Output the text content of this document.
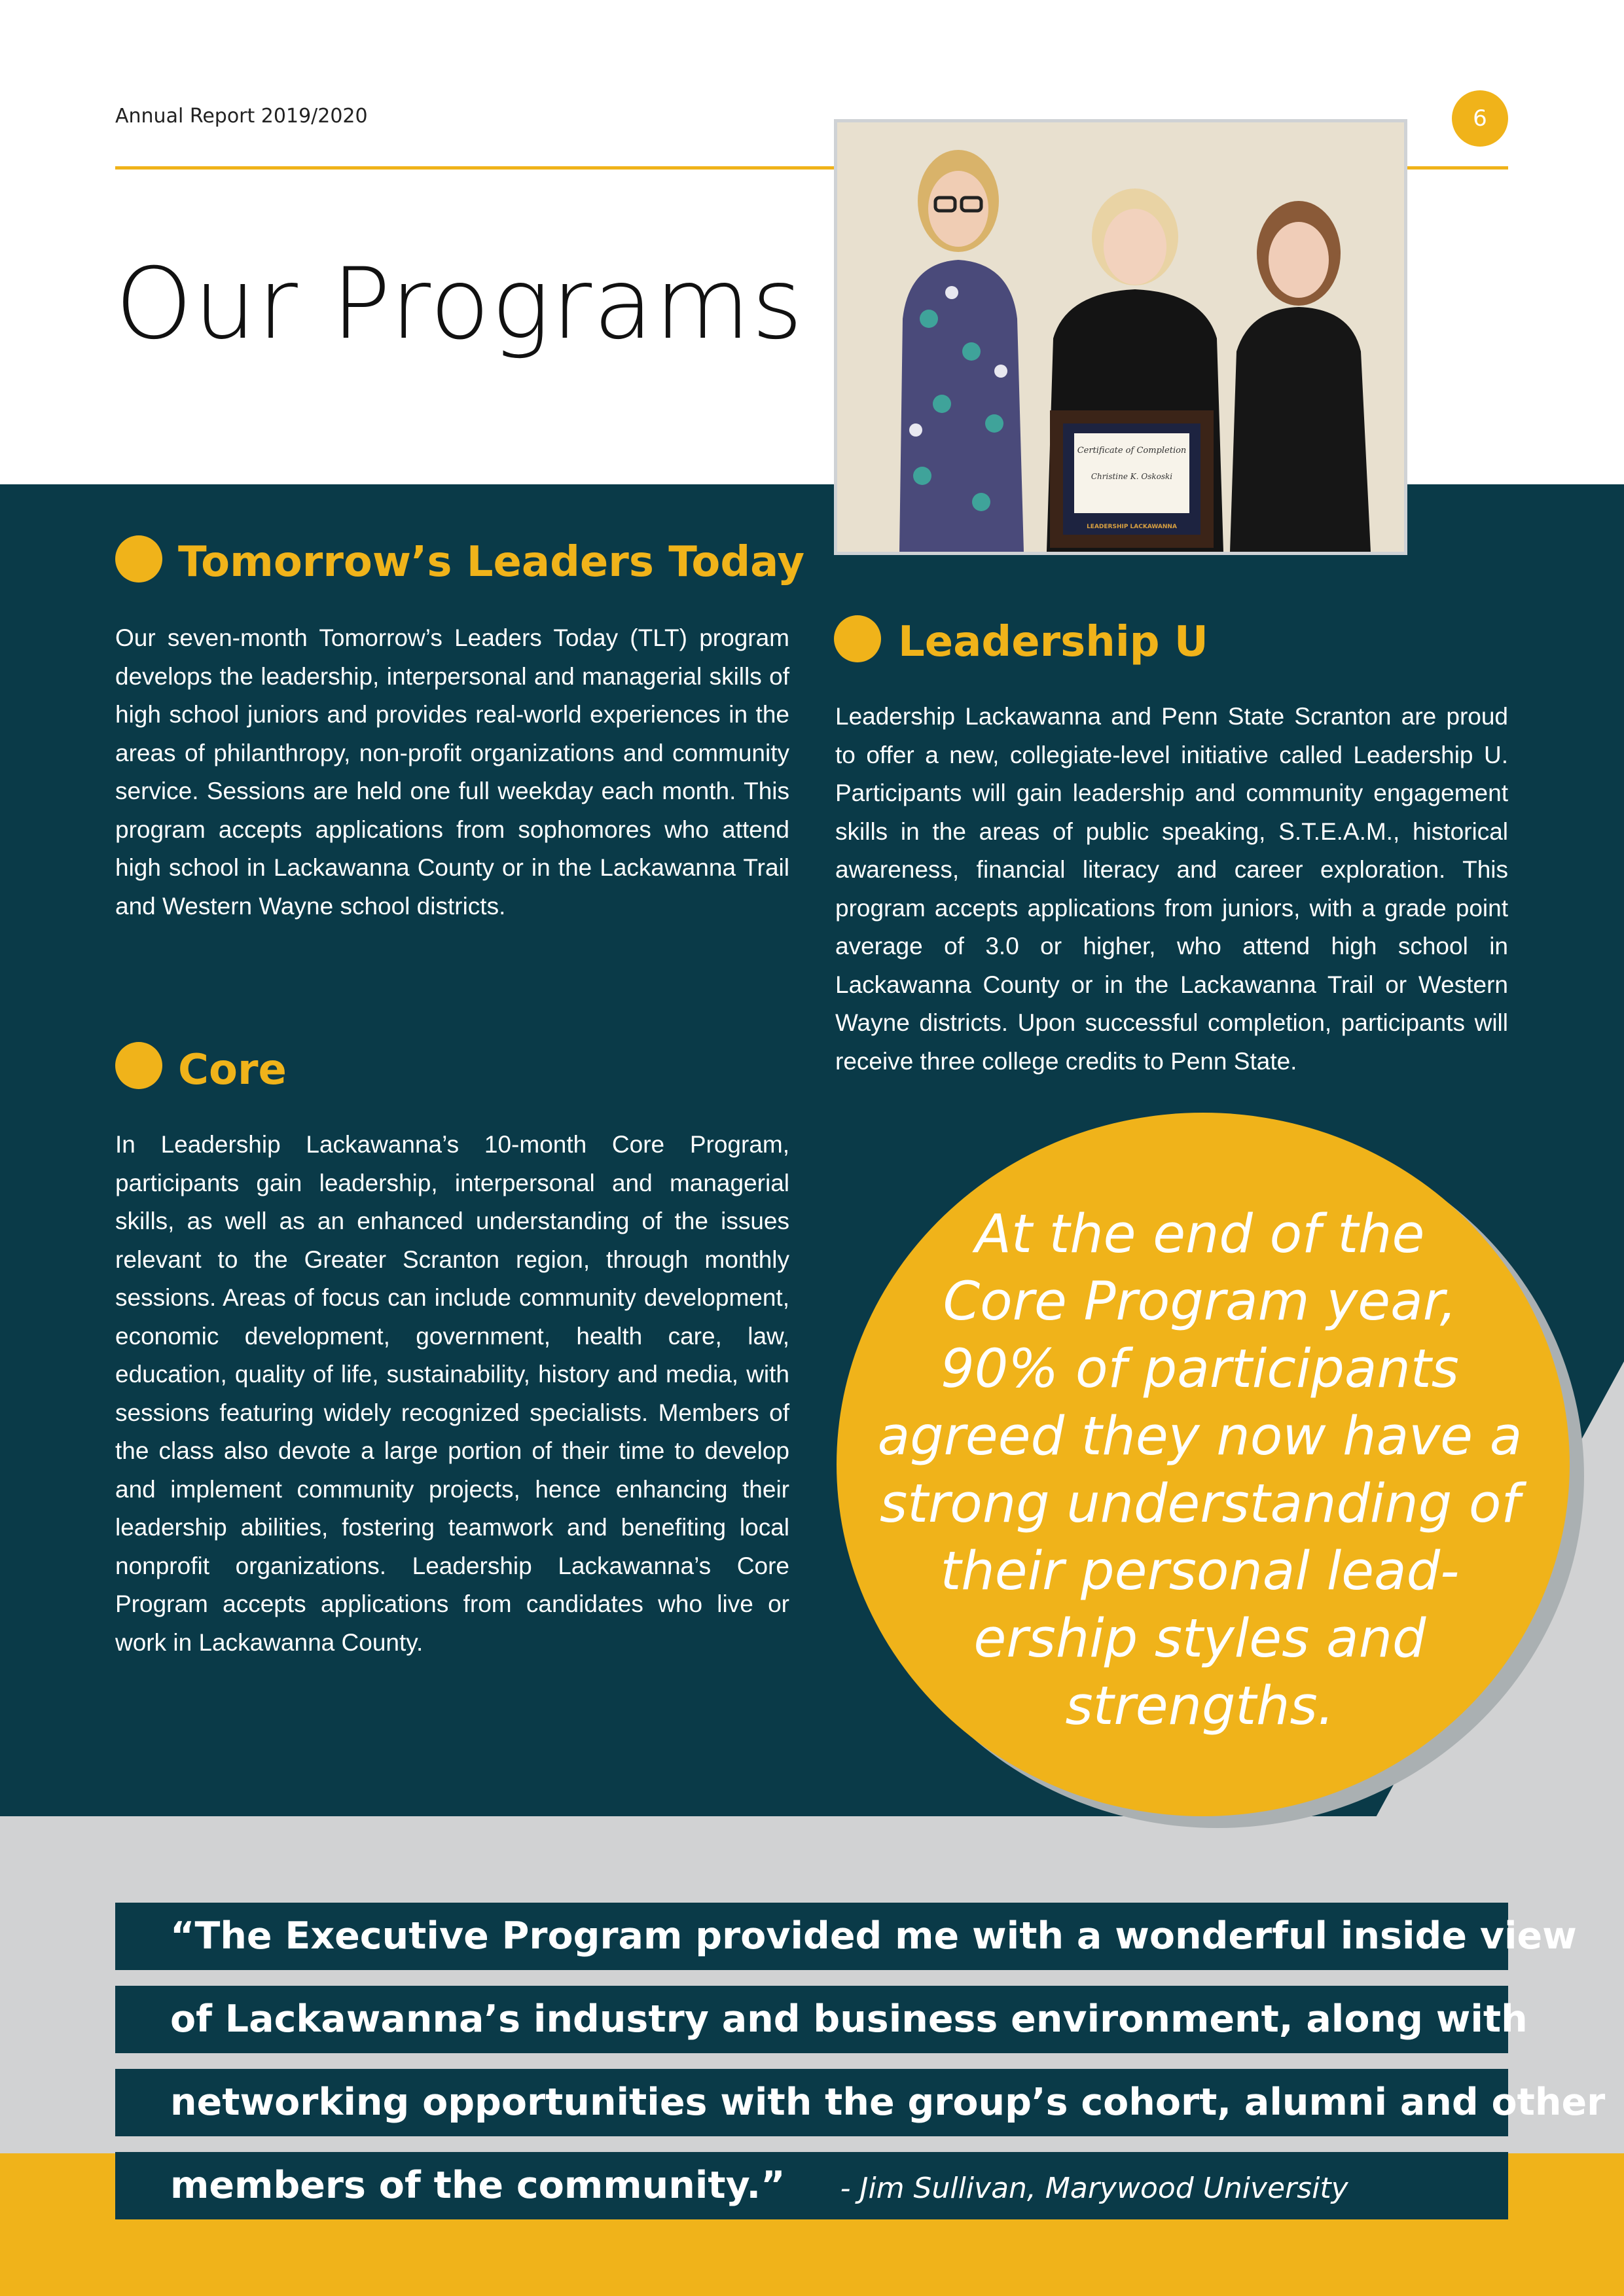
Annual Report 2019/2020	6
Our Programs
Certificate of Completion
Christine K. Oskoski
LEADERSHIP LACKAWANNA
Tomorrow’s Leaders Today
Our seven-month Tomorrow’s Leaders Today (TLT) program develops the leadership, interpersonal and managerial skills of high school juniors and provides real-world experiences in the areas of philanthropy, non-profit organizations and community service. Sessions are held one full weekday each month. This program accepts applications from sophomores who attend high school in Lackawanna County or in the Lackawanna Trail and Western Wayne school districts.
Core
In Leadership Lackawanna’s 10-month Core Program, participants gain leadership, interpersonal and managerial skills, as well as an enhanced understanding of the issues relevant to the Greater Scranton region, through monthly sessions. Areas of focus can include community development, economic development, government, health care, law, education, quality of life, sustainability, history and media, with sessions featuring widely recognized specialists. Members of the class also devote a large portion of their time to develop and implement community projects, hence enhancing their leadership abilities, fostering teamwork and benefiting local nonprofit organizations. Leadership Lackawanna’s Core Program accepts applications from candidates who live or work in Lackawanna County.
Leadership U
Leadership Lackawanna and Penn State Scranton are proud to offer a new, collegiate-level initiative called Leadership U. Participants will gain leadership and community engagement skills in the areas of public speaking, S.T.E.A.M., historical awareness, financial literacy and career exploration. This program accepts applications from juniors, with a grade point average of 3.0 or higher, who attend high school in Lackawanna County or in the Lackawanna Trail or Western Wayne districts. Upon successful completion, participants will receive three college credits to Penn State.
At the end of the
Core Program year,
90% of participants
agreed they now have a
strong understanding of
their personal lead-
ership styles and
strengths.
“The Executive Program provided me with a wonderful inside view
of Lackawanna’s industry and business environment, along with
networking opportunities with the group’s cohort, alumni and other
members of the community.” - Jim Sullivan, Marywood University
